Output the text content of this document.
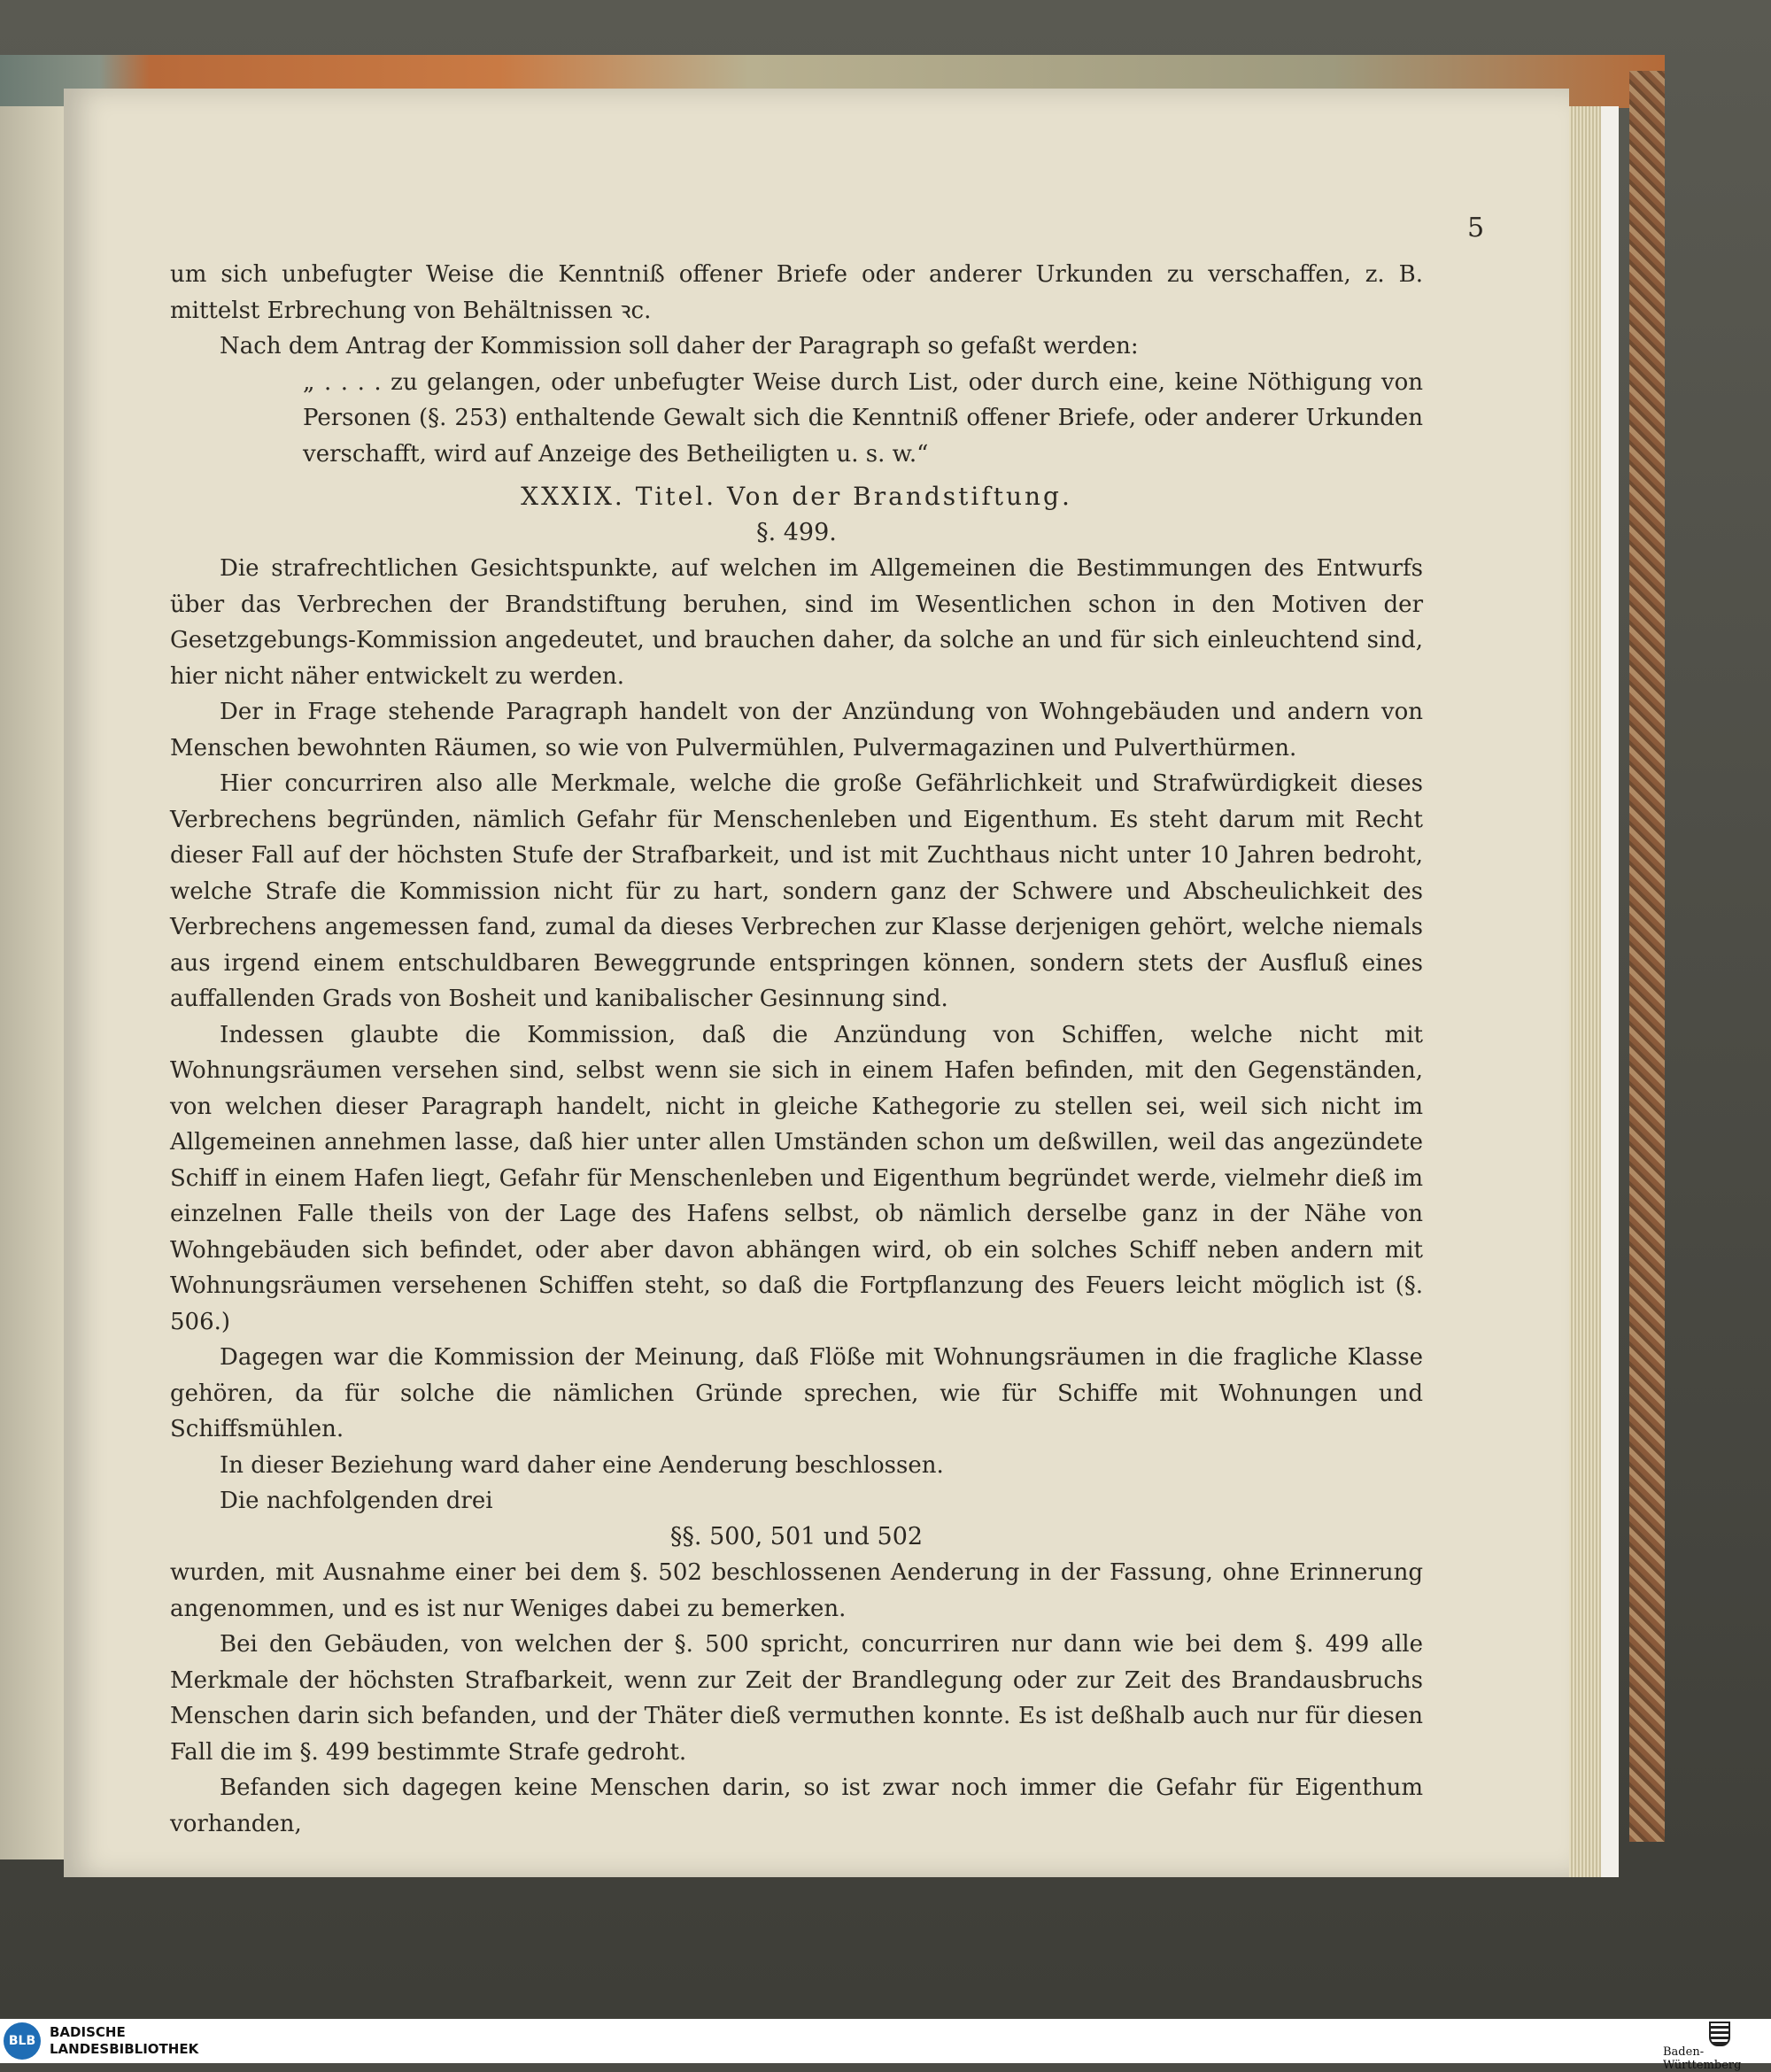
5

um sich unbefugter Weise die Kenntniß offener Briefe oder anderer Urkunden zu verschaffen, z. B. mittelst Erbrechung von Behältnissen ꝛc.

Nach dem Antrag der Kommission soll daher der Paragraph so gefaßt werden:

„ . . . . zu gelangen, oder unbefugter Weise durch List, oder durch eine, keine Nöthigung von Personen (§. 253) enthaltende Gewalt sich die Kenntniß offener Briefe, oder anderer Urkunden verschafft, wird auf Anzeige des Betheiligten u. s. w.“

XXXIX. Titel. Von der Brandstiftung.

§. 499.

Die strafrechtlichen Gesichtspunkte, auf welchen im Allgemeinen die Bestimmungen des Entwurfs über das Verbrechen der Brandstiftung beruhen, sind im Wesentlichen schon in den Motiven der Gesetzgebungs-Kommission angedeutet, und brauchen daher, da solche an und für sich einleuchtend sind, hier nicht näher entwickelt zu werden.

Der in Frage stehende Paragraph handelt von der Anzündung von Wohngebäuden und andern von Menschen bewohnten Räumen, so wie von Pulvermühlen, Pulvermagazinen und Pulverthürmen.

Hier concurriren also alle Merkmale, welche die große Gefährlichkeit und Strafwürdigkeit dieses Verbrechens begründen, nämlich Gefahr für Menschenleben und Eigenthum. Es steht darum mit Recht dieser Fall auf der höchsten Stufe der Strafbarkeit, und ist mit Zuchthaus nicht unter 10 Jahren bedroht, welche Strafe die Kommission nicht für zu hart, sondern ganz der Schwere und Abscheulichkeit des Verbrechens angemessen fand, zumal da dieses Verbrechen zur Klasse derjenigen gehört, welche niemals aus irgend einem entschuldbaren Beweggrunde entspringen können, sondern stets der Ausfluß eines auffallenden Grads von Bosheit und kanibalischer Gesinnung sind.

Indessen glaubte die Kommission, daß die Anzündung von Schiffen, welche nicht mit Wohnungsräumen versehen sind, selbst wenn sie sich in einem Hafen befinden, mit den Gegenständen, von welchen dieser Paragraph handelt, nicht in gleiche Kathegorie zu stellen sei, weil sich nicht im Allgemeinen annehmen lasse, daß hier unter allen Umständen schon um deßwillen, weil das angezündete Schiff in einem Hafen liegt, Gefahr für Menschenleben und Eigenthum begründet werde, vielmehr dieß im einzelnen Falle theils von der Lage des Hafens selbst, ob nämlich derselbe ganz in der Nähe von Wohngebäuden sich befindet, oder aber davon abhängen wird, ob ein solches Schiff neben andern mit Wohnungsräumen versehenen Schiffen steht, so daß die Fortpflanzung des Feuers leicht möglich ist (§. 506.)

Dagegen war die Kommission der Meinung, daß Flöße mit Wohnungsräumen in die fragliche Klasse gehören, da für solche die nämlichen Gründe sprechen, wie für Schiffe mit Wohnungen und Schiffsmühlen.

In dieser Beziehung ward daher eine Aenderung beschlossen.

Die nachfolgenden drei

§§. 500, 501 und 502

wurden, mit Ausnahme einer bei dem §. 502 beschlossenen Aenderung in der Fassung, ohne Erinnerung angenommen, und es ist nur Weniges dabei zu bemerken.

Bei den Gebäuden, von welchen der §. 500 spricht, concurriren nur dann wie bei dem §. 499 alle Merkmale der höchsten Strafbarkeit, wenn zur Zeit der Brandlegung oder zur Zeit des Brandausbruchs Menschen darin sich befanden, und der Thäter dieß vermuthen konnte. Es ist deßhalb auch nur für diesen Fall die im §. 499 bestimmte Strafe gedroht.

Befanden sich dagegen keine Menschen darin, so ist zwar noch immer die Gefahr für Eigenthum vorhanden,

BLB
BADISCHE
LANDESBIBLIOTHEK	Baden-Württemberg
